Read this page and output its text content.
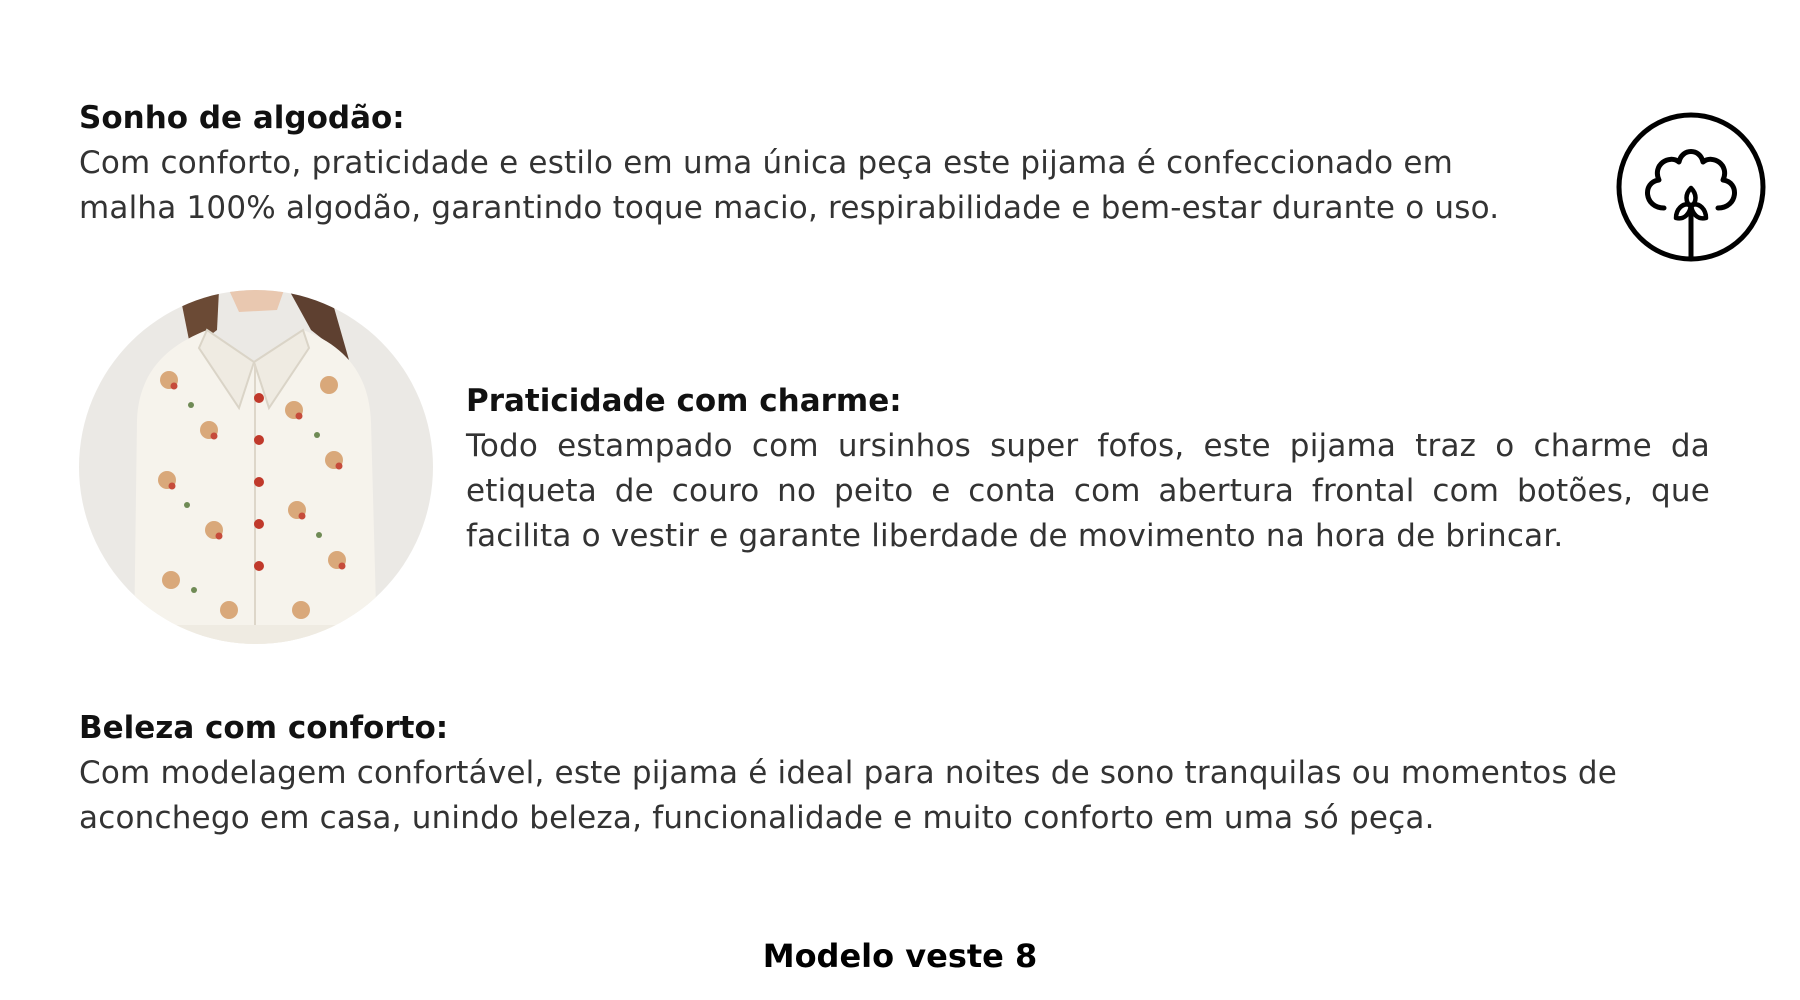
Sonho de algodão:

Com conforto, praticidade e estilo em uma única peça este pijama é confeccionado em malha 100% algodão, garantindo toque macio, respirabilidade e bem-estar durante o uso.

Praticidade com charme:

Todo estampado com ursinhos super fofos, este pijama traz o charme da etiqueta de couro no peito e conta com abertura frontal com botões, que facilita o vestir e garante liberdade de movimento na hora de brincar.

Beleza com conforto:

Com modelagem confortável, este pijama é ideal para noites de sono tranquilas ou momentos de aconchego em casa, unindo beleza, funcionalidade e muito conforto em uma só peça.

Modelo veste 8
